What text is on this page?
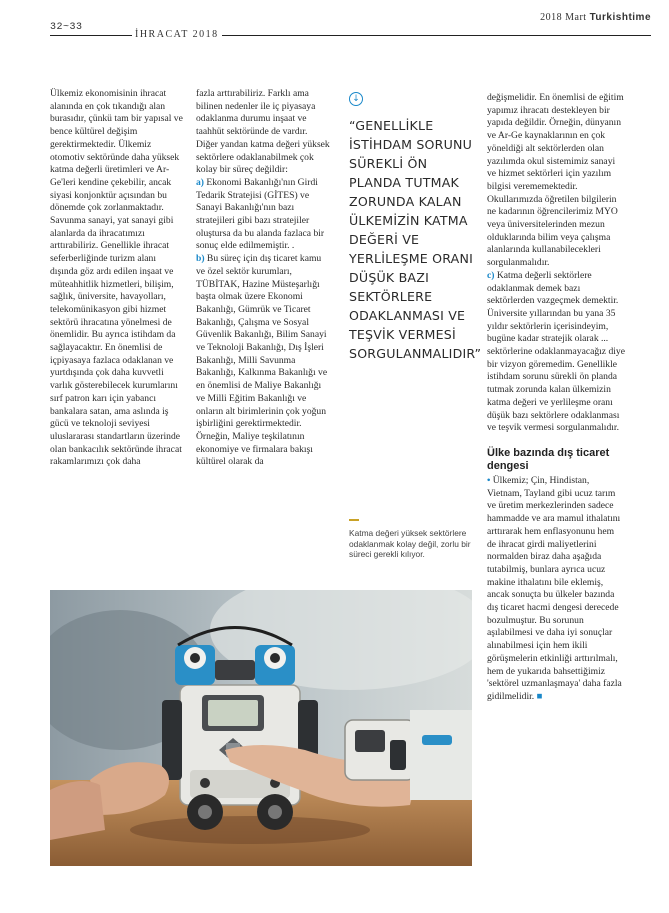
32~33
İHRACAT 2018
2018 Mart Turkishtime

Ülkemiz ekonomisinin ihracat alanında en çok tıkandığı alan burasıdır, çünkü tam bir yapısal ve bence kültürel değişim gerektirmektedir. Ülkemiz otomotiv sektöründe daha yüksek katma değerli üretimleri ve Ar-Ge'leri kendine çekebilir, ancak siyasi konjonktür açısından bu dönemde çok zorlanmaktadır.

Savunma sanayi, yat sanayi gibi alanlarda da ihracatımızı arttırabiliriz. Genellikle ihracat seferberliğinde turizm alanı dışında göz ardı edilen inşaat ve müteahhitlik hizmetleri, bilişim, sağlık, üniversite, havayolları, telekomünikasyon gibi hizmet sektörü ihracatına yönelmesi de önemlidir. Bu ayrıca istihdam da sağlayacaktır. En önemlisi de içpiyasaya fazlaca odaklanan ve yurtdışında çok daha kuvvetli varlık gösterebilecek kurumlarını sırf patron karı için yabancı bankalara satan, ama aslında iş gücü ve teknoloji seviyesi uluslararası standartların üzerinde olan bankacılık sektöründe ihracat rakamlarımızı çok daha

fazla arttırabiliriz. Farklı ama bilinen nedenler ile iç piyasaya odaklanma durumu inşaat ve taahhüt sektöründe de vardır.

Diğer yandan katma değeri yüksek sektörlere odaklanabilmek çok kolay bir süreç değildir:

a) Ekonomi Bakanlığı'nın Girdi Tedarik Stratejisi (GİTES) ve Sanayi Bakanlığı'nın bazı stratejileri gibi bazı stratejiler oluştursa da bu alanda fazlaca bir sonuç elde edilmemiştir. .

b) Bu süreç için dış ticaret kamu ve özel sektör kurumları, TÜBİTAK, Hazine Müsteşarlığı başta olmak üzere Ekonomi Bakanlığı, Gümrük ve Ticaret Bakanlığı, Çalışma ve Sosyal Güvenlik Bakanlığı, Bilim Sanayi ve Teknoloji Bakanlığı, Dış İşleri Bakanlığı, Milli Savunma Bakanlığı, Kalkınma Bakanlığı ve en önemlisi de Maliye Bakanlığı ve Milli Eğitim Bakanlığı ve onların alt birimlerinin çok yoğun işbirliğini gerektirmektedir. Örneğin, Maliye teşkilatının ekonomiye ve firmalara bakışı kültürel olarak da

↓
“GENELLİKLE İSTİHDAM SORUNU SÜREKLİ ÖN PLANDA TUTMAK ZORUNDA KALAN ÜLKEMİZİN KATMA DEĞERİ VE YERLİLEŞME ORANI DÜŞÜK BAZI SEKTÖRLERE ODAKLANMASI VE TEŞVİK VERMESİ SORGULANMALIDIR”
Katma değeri yüksek sektörlere odaklanmak kolay değil, zorlu bir süreci gerekli kılıyor.

değişmelidir. En önemlisi de eğitim yapımız ihracatı destekleyen bir yapıda değildir. Örneğin, dünyanın ve Ar-Ge kaynaklarının en çok yöneldiği alt sektörlerden olan yazılımda okul sistemimiz sanayi ve hizmet sektörleri için yazılım bilgisi verememektedir. Okullarımızda öğretilen bilgilerin ne kadarının öğrencilerimiz MYO veya üniversitelerinden mezun olduklarında bilim veya çalışma alanlarında kullanabilecekleri sorgulanmalıdır.

c) Katma değerli sektörlere odaklanmak demek bazı sektörlerden vazgeçmek demektir. Üniversite yıllarından bu yana 35 yıldır sektörlerin içerisindeyim, bugüne kadar stratejik olarak ... sektörlerine odaklanmayacağız diye bir vizyon göremedim. Genellikle istihdam sorunu sürekli ön planda tutmak zorunda kalan ülkemizin katma değeri ve yerlileşme oranı düşük bazı sektörlere odaklanması ve teşvik vermesi sorgulanmalıdır.

Ülke bazında dış ticaret dengesi

• Ülkemiz; Çin, Hindistan, Vietnam, Tayland gibi ucuz tarım ve üretim merkezlerinden sadece hammadde ve ara mamul ithalatını arttırarak hem enflasyonunu hem de ihracat girdi maliyetlerini normalden biraz daha aşağıda tutabilmiş, bunlara ayrıca ucuz makine ithalatını bile eklemiş, ancak sonuçta bu ülkeler bazında dış ticaret hacmi dengesi derecede bozulmuştur. Bu sorunun aşılabilmesi ve daha iyi sonuçlar alınabilmesi için hem ikili görüşmelerin etkinliği arttırılmalı, hem de yukarıda bahsettiğimiz 'sektörel uzmanlaşmaya' daha fazla gidilmelidir. ■
